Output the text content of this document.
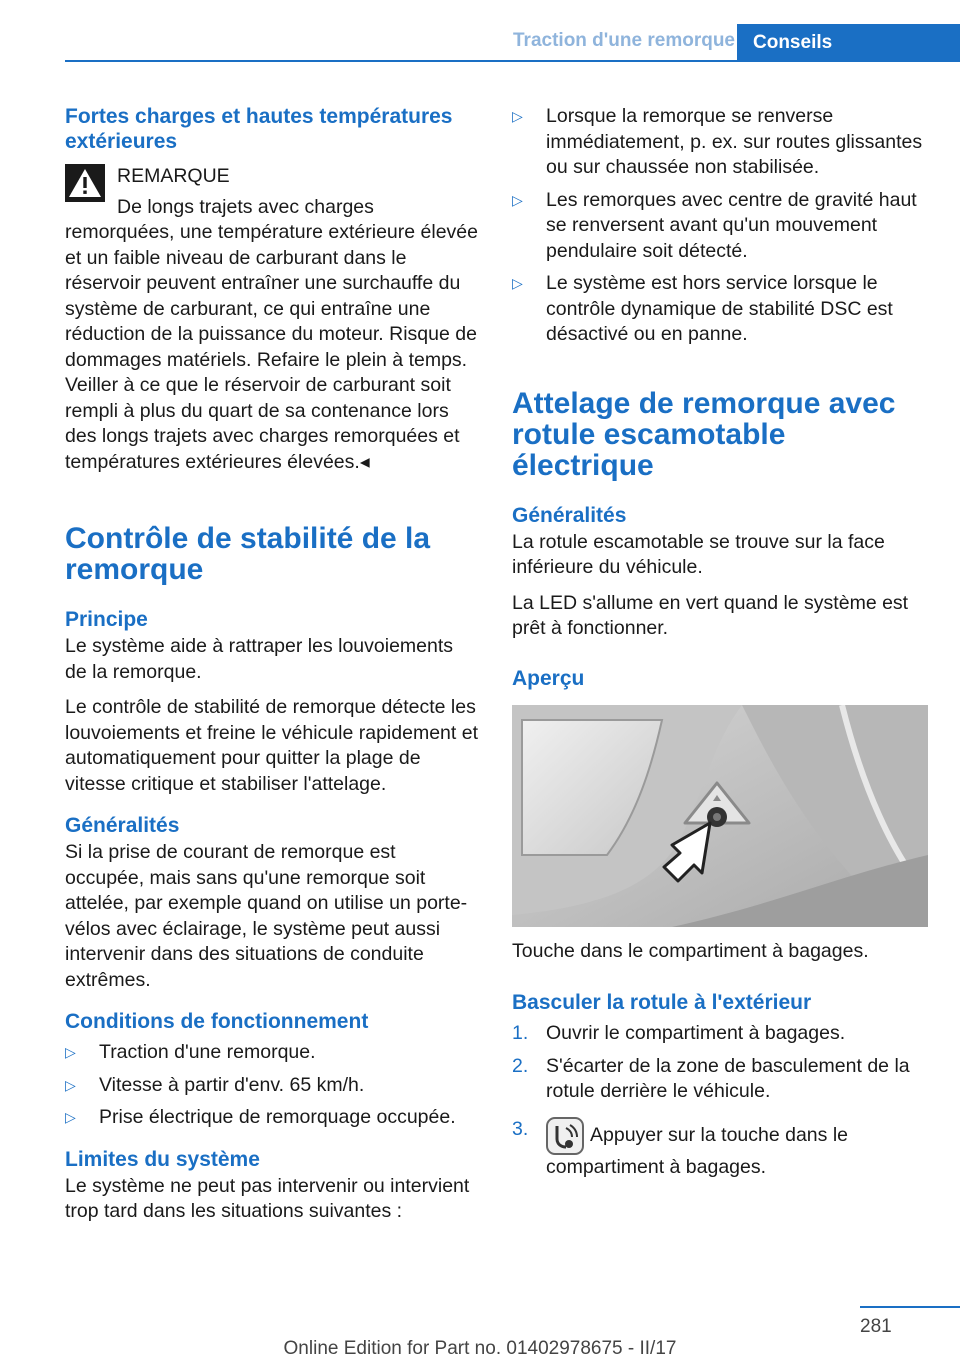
Traction d'une remorque Conseils
Fortes charges et hautes températures extérieures
REMARQUE

De longs trajets avec charges remorquées, une température extérieure élevée et un faible niveau de carburant dans le réservoir peuvent entraîner une surchauffe du système de carburant, ce qui entraîne une réduction de la puissance du moteur. Risque de dommages matériels. Refaire le plein à temps. Veiller à ce que le réservoir de carburant soit rempli à plus du quart de sa contenance lors des longs trajets avec charges remorquées et températures extérieures élevées.◂

Contrôle de stabilité de la remorque
Principe

Le système aide à rattraper les louvoiements de la remorque.

Le contrôle de stabilité de remorque détecte les louvoiements et freine le véhicule rapidement et automatiquement pour quitter la plage de vitesse critique et stabiliser l'attelage.

Généralités

Si la prise de courant de remorque est occupée, mais sans qu'une remorque soit attelée, par exemple quand on utilise un porte-vélos avec éclairage, le système peut aussi intervenir dans des situations de conduite extrêmes.

Conditions de fonctionnement
▷ Traction d'une remorque.
▷ Vitesse à partir d'env. 65 km/h.
▷ Prise électrique de remorquage occupée.
Limites du système

Le système ne peut pas intervenir ou intervient trop tard dans les situations suivantes :

▷ Lorsque la remorque se renverse immédiatement, p. ex. sur routes glissantes ou sur chaussée non stabilisée.
▷ Les remorques avec centre de gravité haut se renversent avant qu'un mouvement pendulaire soit détecté.
▷ Le système est hors service lorsque le contrôle dynamique de stabilité DSC est désactivé ou en panne.
Attelage de remorque avec rotule escamotable électrique
Généralités

La rotule escamotable se trouve sur la face inférieure du véhicule.

La LED s'allume en vert quand le système est prêt à fonctionner.

Aperçu

Touche dans le compartiment à bagages.

Basculer la rotule à l'extérieur
1. Ouvrir le compartiment à bagages.
2. S'écarter de la zone de basculement de la rotule derrière le véhicule.
3.	Appuyer sur la touche dans le compartiment à bagages.
281
Online Edition for Part no. 01402978675 - II/17
